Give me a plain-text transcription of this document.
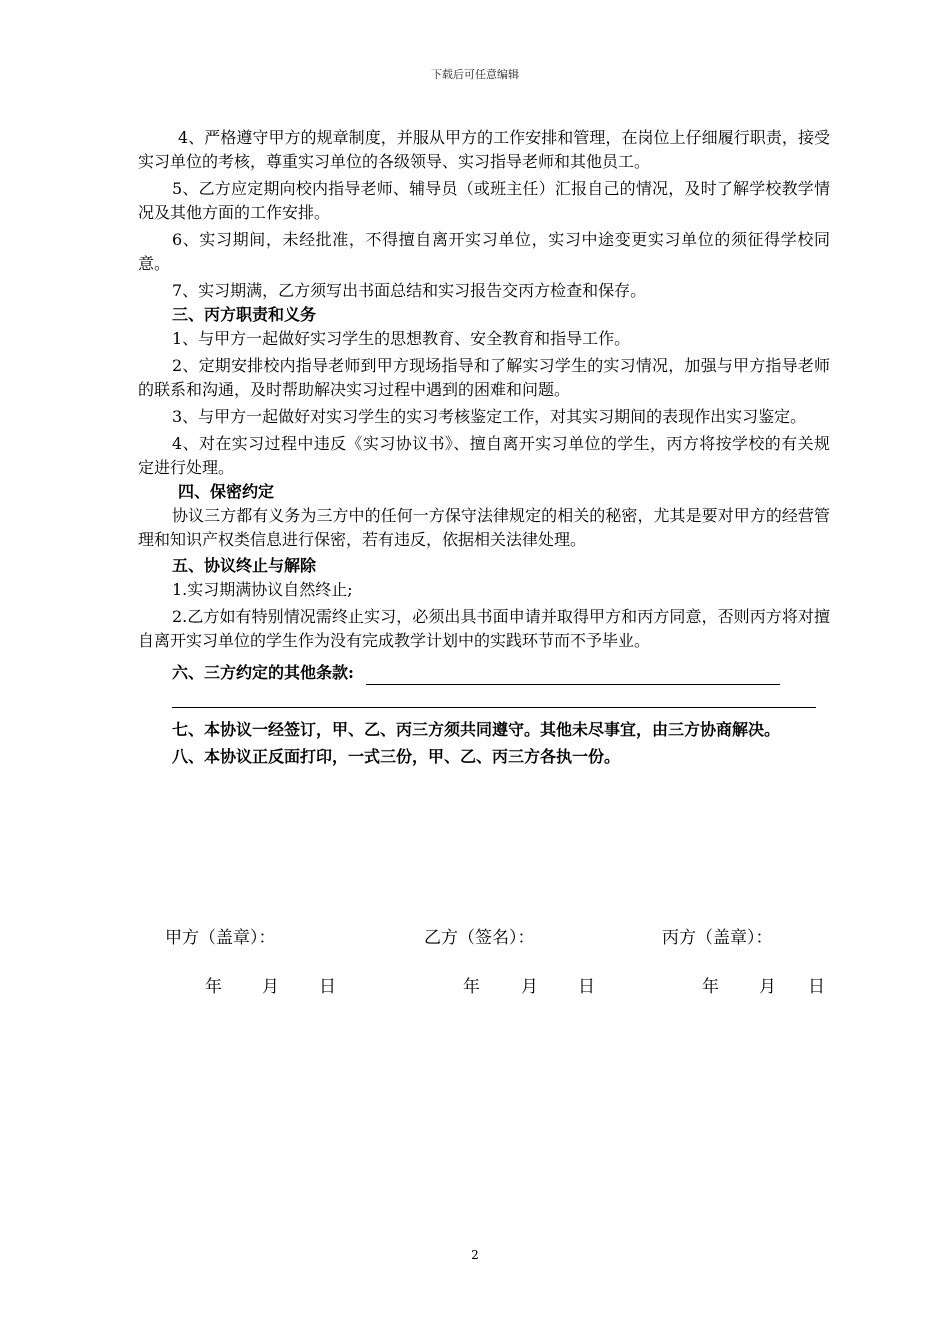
下载后可任意编辑
4、严格遵守甲方的规章制度，并服从甲方的工作安排和管理，在岗位上仔细履行职责，接受实习单位的考核，尊重实习单位的各级领导、实习指导老师和其他员工。
5、乙方应定期向校内指导老师、辅导员（或班主任）汇报自己的情况，及时了解学校教学情况及其他方面的工作安排。
6、实习期间，未经批准，不得擅自离开实习单位，实习中途变更实习单位的须征得学校同意。
7、实习期满，乙方须写出书面总结和实习报告交丙方检查和保存。
三、丙方职责和义务
1、与甲方一起做好实习学生的思想教育、安全教育和指导工作。
2、定期安排校内指导老师到甲方现场指导和了解实习学生的实习情况，加强与甲方指导老师的联系和沟通，及时帮助解决实习过程中遇到的困难和问题。
3、与甲方一起做好对实习学生的实习考核鉴定工作，对其实习期间的表现作出实习鉴定。
4、对在实习过程中违反《实习协议书》、擅自离开实习单位的学生，丙方将按学校的有关规定进行处理。
四、保密约定
协议三方都有义务为三方中的任何一方保守法律规定的相关的秘密，尤其是要对甲方的经营管理和知识产权类信息进行保密，若有违反，依据相关法律处理。
五、协议终止与解除
1.实习期满协议自然终止;
2.乙方如有特别情况需终止实习，必须出具书面申请并取得甲方和丙方同意，否则丙方将对擅自离开实习单位的学生作为没有完成教学计划中的实践环节而不予毕业。
六、三方约定的其他条款:
七、本协议一经签订，甲、乙、丙三方须共同遵守。其他未尽事宜，由三方协商解决。
八、本协议正反面打印，一式三份，甲、乙、丙三方各执一份。
甲方（盖章）：	乙方（签名）：	丙方（盖章）：
年 月 日	年 月 日	年 月 日
2
